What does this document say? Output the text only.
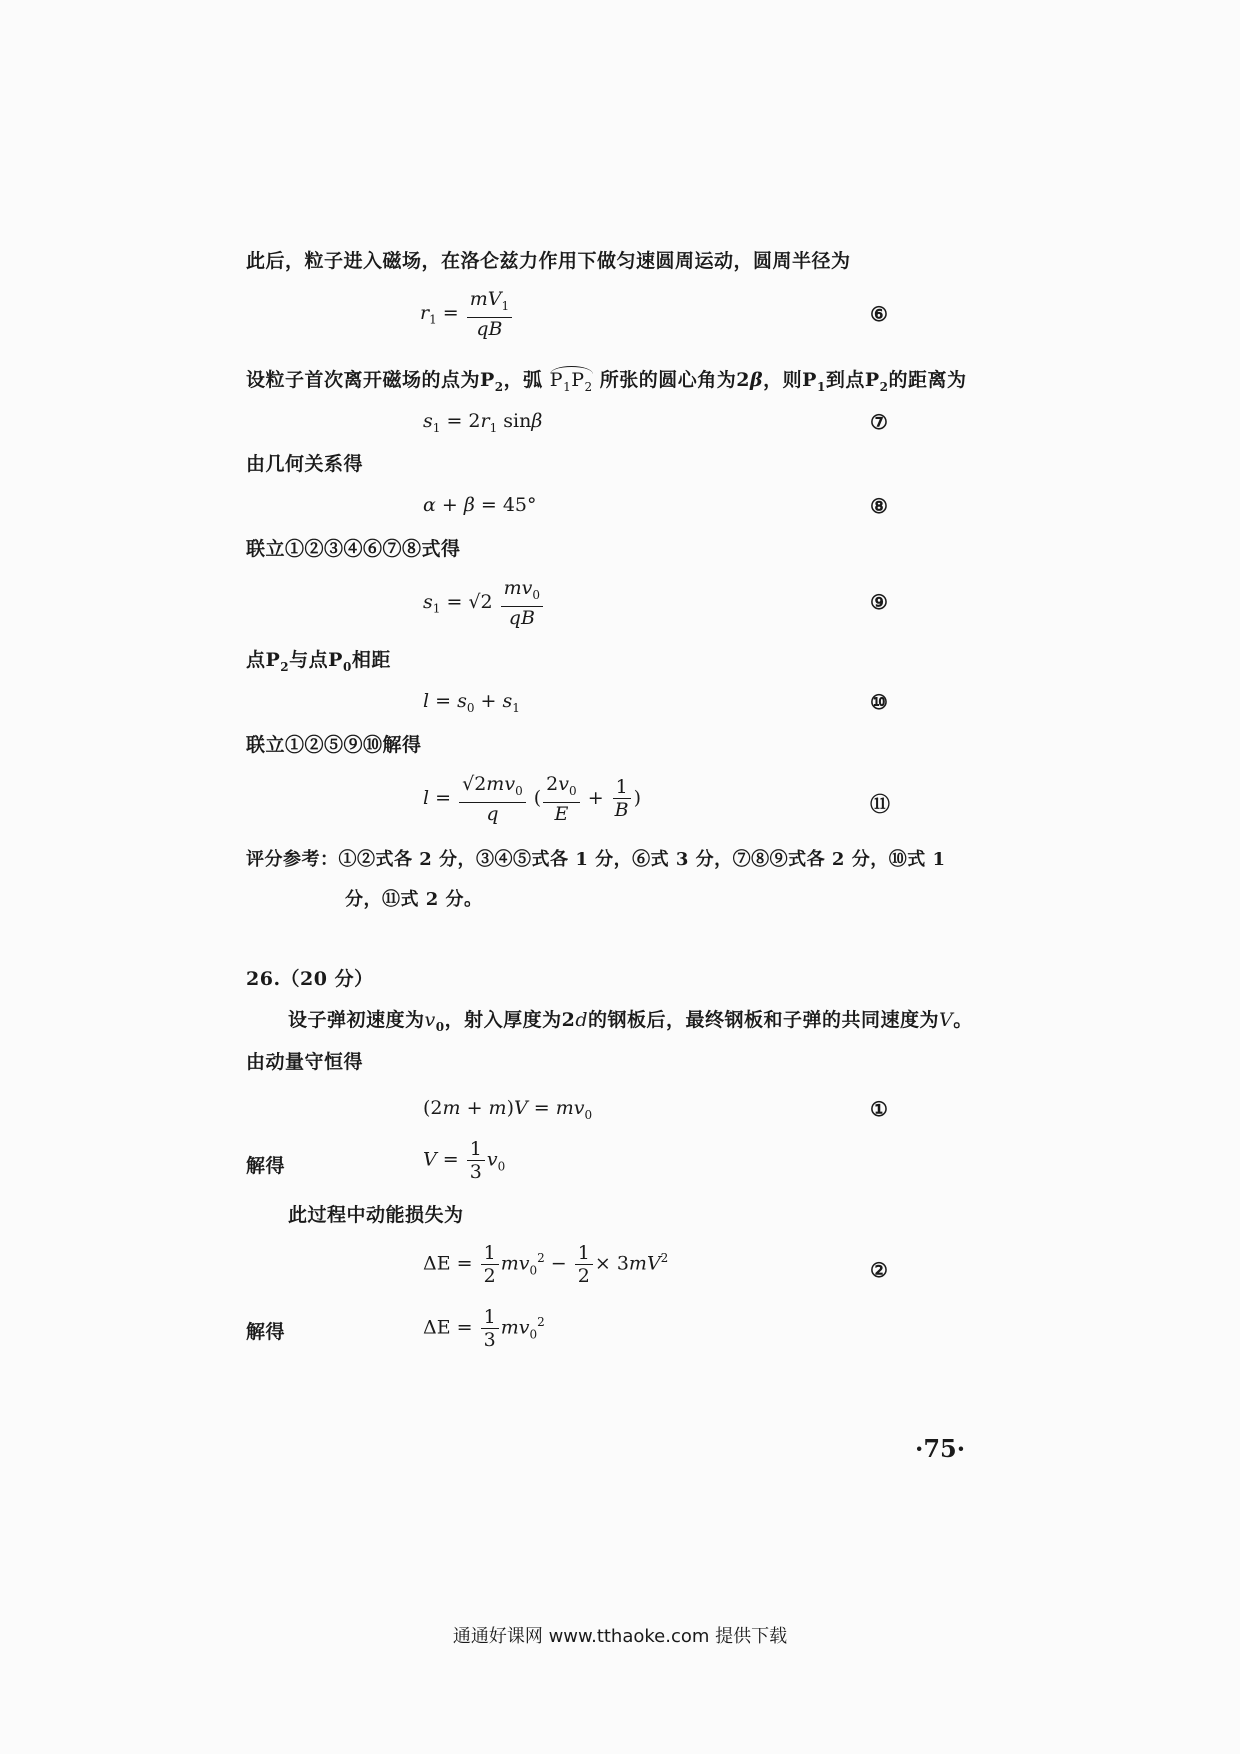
此后，粒子进入磁场，在洛仑兹力作用下做匀速圆周运动，圆周半径为
$r_1 = \frac{mV_1}{qB}$	⑥
设粒子首次离开磁场的点为$P_2$，弧 $P_1P_2$ 所张的圆心角为2β，则$P_1$到点$P_2$的距离为
$s_1 = 2r_1$ sinβ	⑦
由几何关系得
α + β = 45°	⑧
联立①②③④⑥⑦⑧式得
$s_1 = √2 \frac{mv_0}{qB}$	⑨
点$P_2$与点$P_0$相距
$l = s_0 + s_1$	⑩
联立①②⑤⑨⑩解得
$l = \frac{√2mv_0}{q}$ ( $\frac{2v_0}{E} + \frac{1}{B}$ )	⑪
评分参考：①②式各 2 分，③④⑤式各 1 分，⑥式 3 分，⑦⑧⑨式各 2 分，⑩式 1
分，⑪式 2 分。
26.（20 分）
设子弹初速度为$v_0$，射入厚度为2d的钢板后，最终钢板和子弹的共同速度为V。
由动量守恒得
$(2m + m)V = mv_0$	①
解得	$V = \frac{1}{3} v_0$
此过程中动能损失为
$\Delta E = \frac{1}{2} mv_0^2 - \frac{1}{2} \times 3mV^2$	②
解得	$\Delta E = \frac{1}{3} mv_0^2$
·75·
通通好课网 www.tthaoke.com 提供下载
